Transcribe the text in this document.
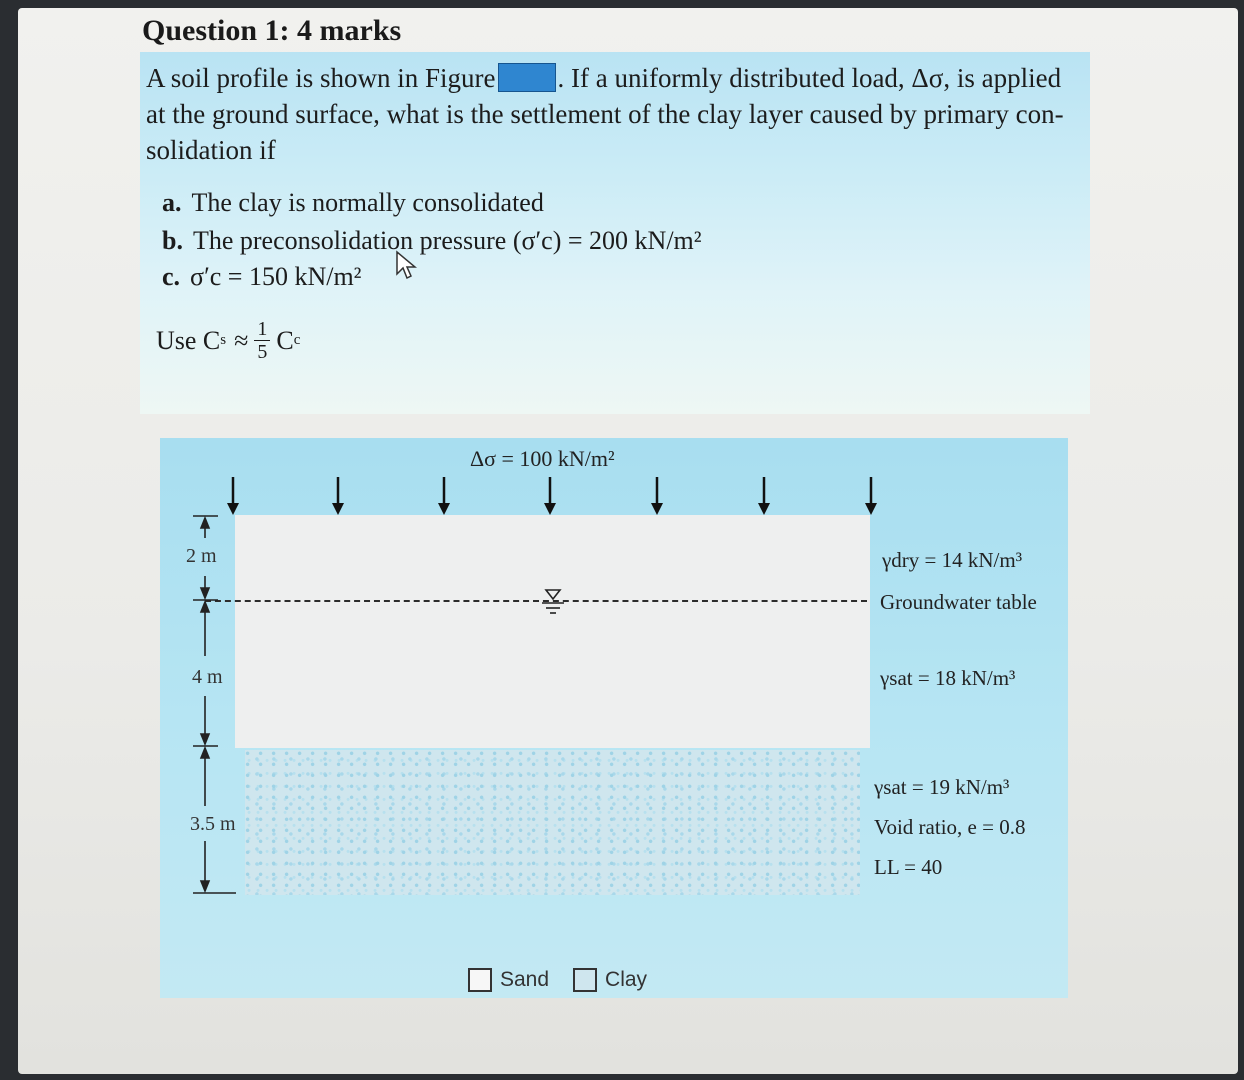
Question 1: 4 marks
A soil profile is shown in Figure . If a uniformly distributed load, Δσ, is applied at the ground surface, what is the settlement of the clay layer caused by primary con-solidation if
a. The clay is normally consolidated
b. The preconsolidation pressure (σ′c) = 200 kN/m²
c. σ′c = 150 kN/m²
Use C $s \approx \frac{1}{5}$ C c
Δσ = 100 kN/m²
2 m
4 m
3.5 m
γdry = 14 kN/m³
Groundwater table
γsat = 18 kN/m³
γsat = 19 kN/m³
Void ratio, e = 0.8
LL = 40
Sand	Clay
